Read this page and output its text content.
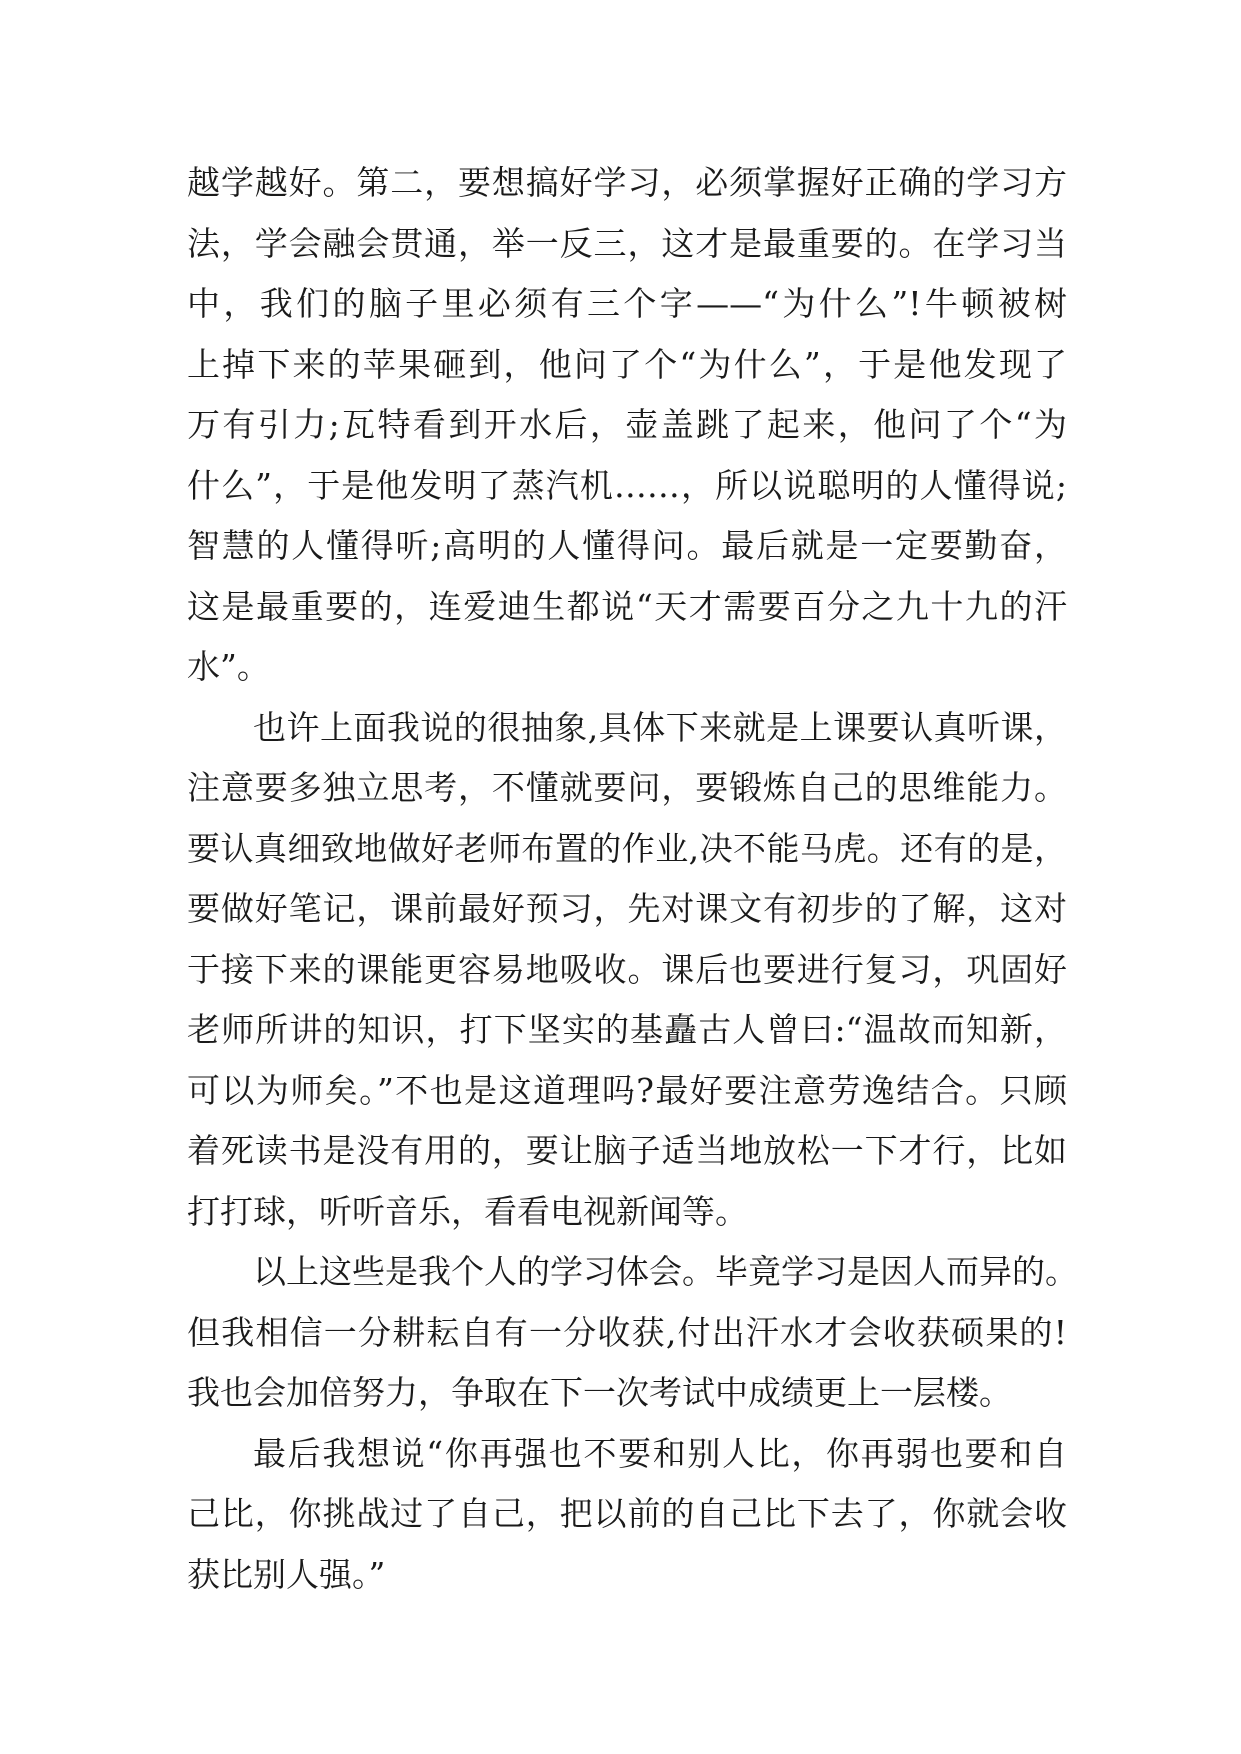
越学越好。第二，要想搞好学习，必须掌握好正确的学习方
法，学会融会贯通，举一反三，这才是最重要的。在学习当
中，我们的脑子里必须有三个字——“为什么”!牛顿被树
上掉下来的苹果砸到，他问了个“为什么”，于是他发现了
万有引力;瓦特看到开水后，壶盖跳了起来，他问了个“为
什么”，于是他发明了蒸汽机……，所以说聪明的人懂得说;
智慧的人懂得听;高明的人懂得问。最后就是一定要勤奋，
这是最重要的，连爱迪生都说“天才需要百分之九十九的汗
水”。
也许上面我说的很抽象,具体下来就是上课要认真听课，
注意要多独立思考，不懂就要问，要锻炼自己的思维能力。
要认真细致地做好老师布置的作业,决不能马虎。还有的是，
要做好笔记，课前最好预习，先对课文有初步的了解，这对
于接下来的课能更容易地吸收。课后也要进行复习，巩固好
老师所讲的知识，打下坚实的基矗古人曾曰:“温故而知新，
可以为师矣。”不也是这道理吗?最好要注意劳逸结合。只顾
着死读书是没有用的，要让脑子适当地放松一下才行，比如
打打球，听听音乐，看看电视新闻等。
以上这些是我个人的学习体会。毕竟学习是因人而异的。
但我相信一分耕耘自有一分收获,付出汗水才会收获硕果的!
我也会加倍努力，争取在下一次考试中成绩更上一层楼。
最后我想说“你再强也不要和别人比，你再弱也要和自
己比，你挑战过了自己，把以前的自己比下去了，你就会收
获比别人强。”
